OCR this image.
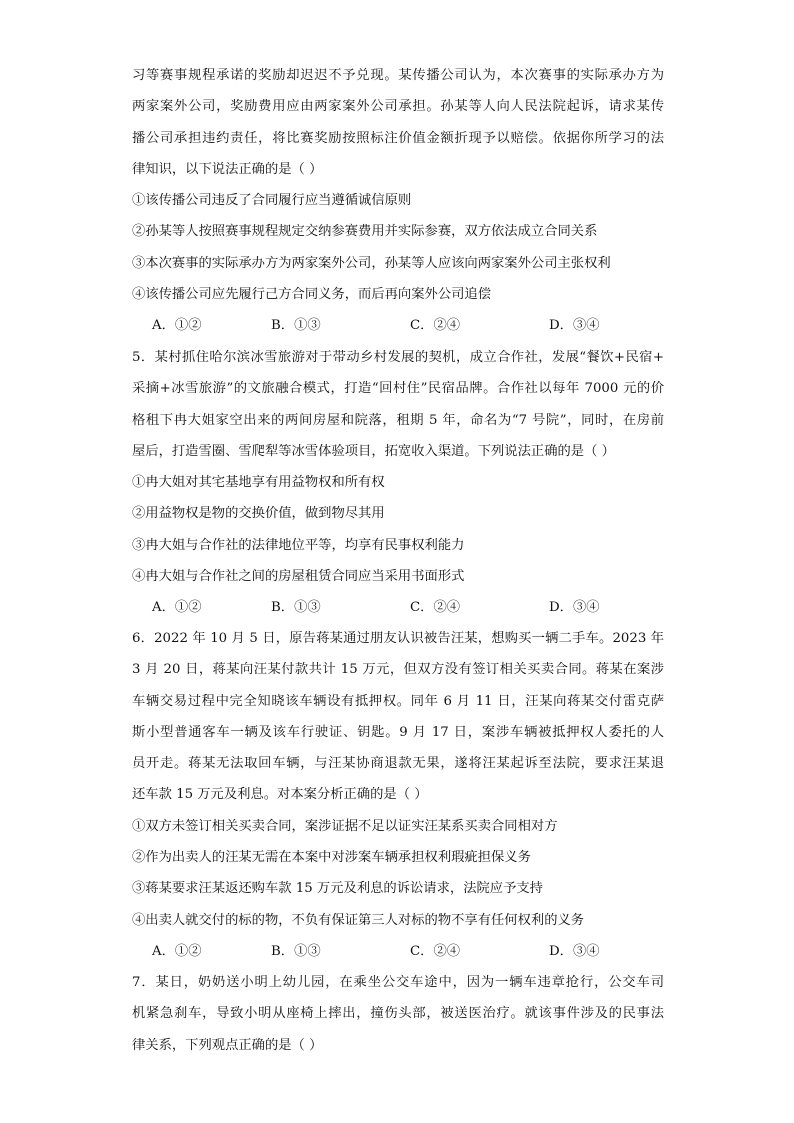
习等赛事规程承诺的奖励却迟迟不予兑现。某传播公司认为，本次赛事的实际承办方为
两家案外公司，奖励费用应由两家案外公司承担。孙某等人向人民法院起诉，请求某传
播公司承担违约责任，将比赛奖励按照标注价值金额折现予以赔偿。依据你所学习的法
律知识，以下说法正确的是（ ）
①该传播公司违反了合同履行应当遵循诚信原则
②孙某等人按照赛事规程规定交纳参赛费用并实际参赛，双方依法成立合同关系
③本次赛事的实际承办方为两家案外公司，孙某等人应该向两家案外公司主张权利
④该传播公司应先履行己方合同义务，而后再向案外公司追偿
A．①②	B．①③	C．②④	D．③④
5．某村抓住哈尔滨冰雪旅游对于带动乡村发展的契机，成立合作社，发展“餐饮+民宿+
采摘+冰雪旅游”的文旅融合模式，打造“回村住”民宿品牌。合作社以每年 7000 元的价
格租下冉大姐家空出来的两间房屋和院落，租期 5 年，命名为“7 号院”，同时，在房前
屋后，打造雪圈、雪爬犁等冰雪体验项目，拓宽收入渠道。下列说法正确的是（ ）
①冉大姐对其宅基地享有用益物权和所有权
②用益物权是物的交换价值，做到物尽其用
③冉大姐与合作社的法律地位平等，均享有民事权利能力
④冉大姐与合作社之间的房屋租赁合同应当采用书面形式
A．①②	B．①③	C．②④	D．③④
6．2022 年 10 月 5 日，原告蒋某通过朋友认识被告汪某，想购买一辆二手车。2023 年
3 月 20 日，蒋某向汪某付款共计 15 万元，但双方没有签订相关买卖合同。蒋某在案涉
车辆交易过程中完全知晓该车辆设有抵押权。同年 6 月 11 日，汪某向蒋某交付雷克萨
斯小型普通客车一辆及该车行驶证、钥匙。9 月 17 日，案涉车辆被抵押权人委托的人
员开走。蒋某无法取回车辆，与汪某协商退款无果，遂将汪某起诉至法院，要求汪某退
还车款 15 万元及利息。对本案分析正确的是（ ）
①双方未签订相关买卖合同，案涉证据不足以证实汪某系买卖合同相对方
②作为出卖人的汪某无需在本案中对涉案车辆承担权利瑕疵担保义务
③蒋某要求汪某返还购车款 15 万元及利息的诉讼请求，法院应予支持
④出卖人就交付的标的物，不负有保证第三人对标的物不享有任何权利的义务
A．①②	B．①③	C．②④	D．③④
7．某日，奶奶送小明上幼儿园，在乘坐公交车途中，因为一辆车违章抢行，公交车司
机紧急刹车，导致小明从座椅上摔出，撞伤头部，被送医治疗。就该事件涉及的民事法
律关系，下列观点正确的是（ ）
